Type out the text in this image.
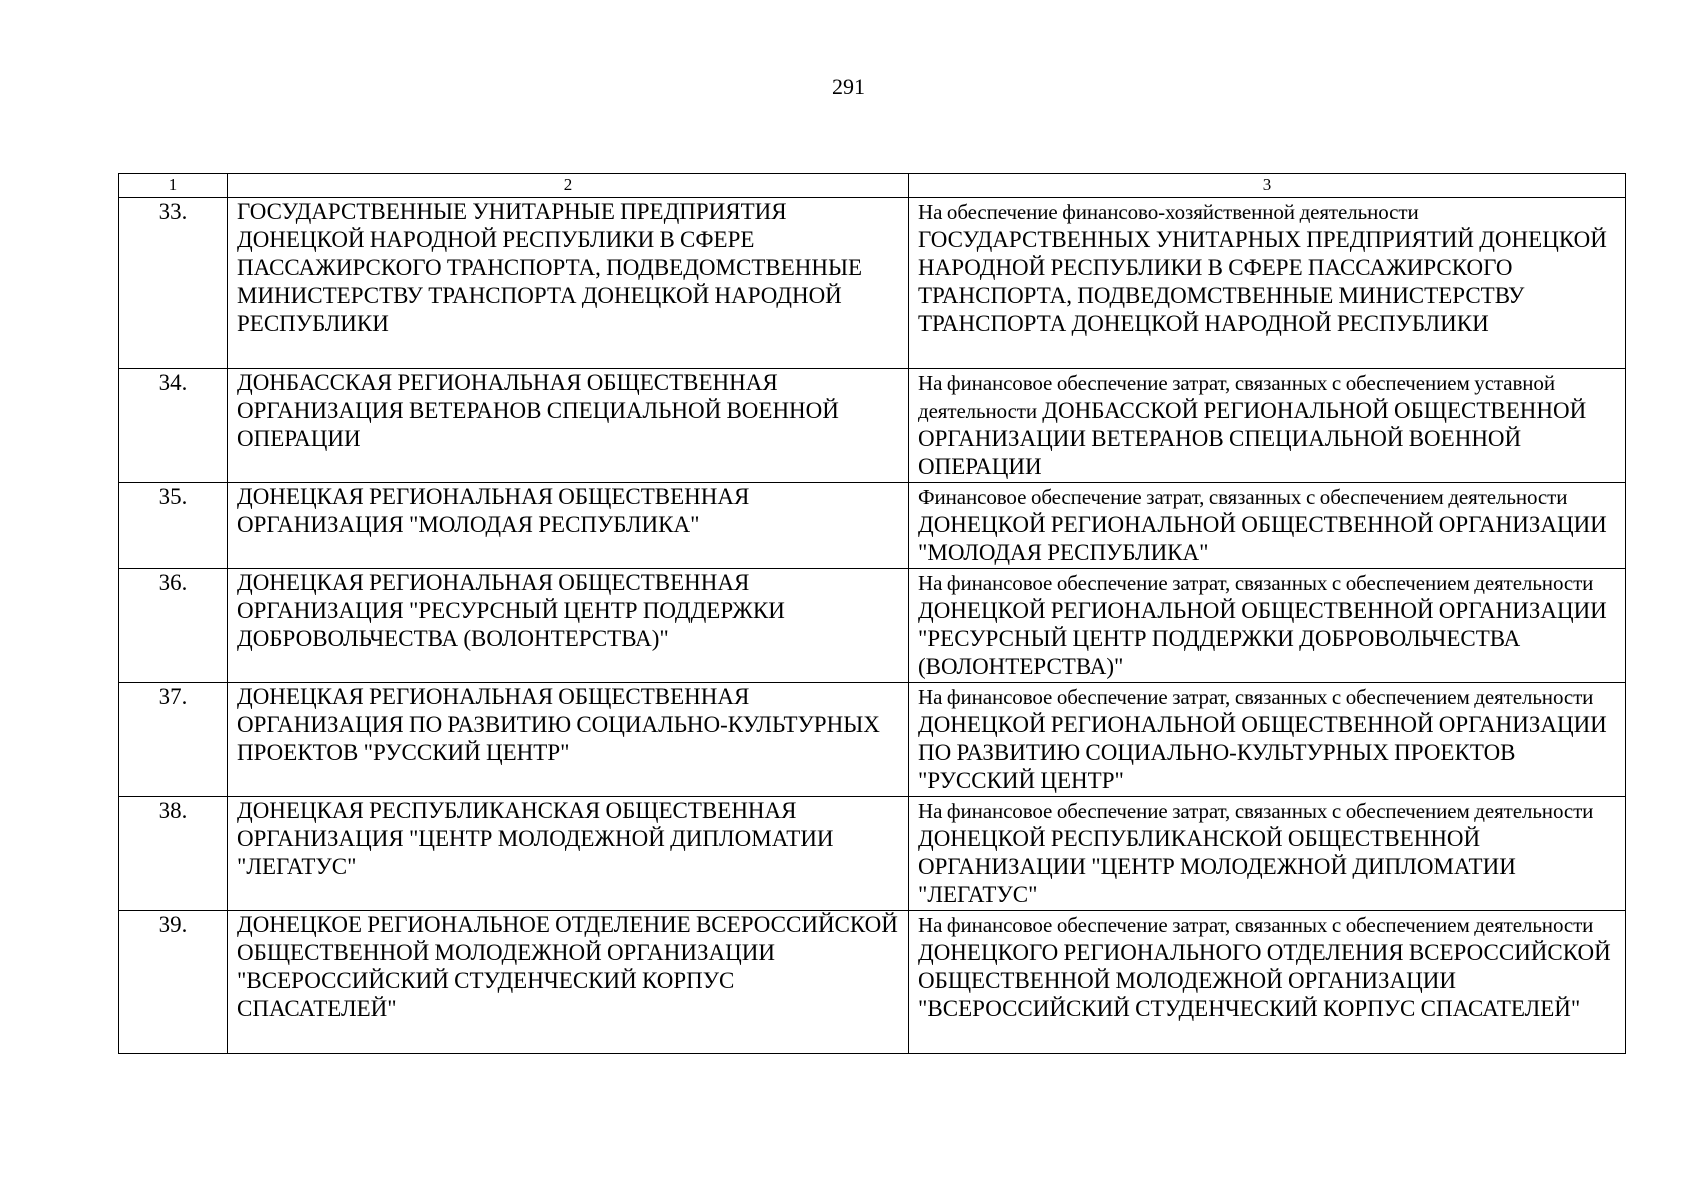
291
1	2	3
33.	ГОСУДАРСТВЕННЫЕ УНИТАРНЫЕ ПРЕДПРИЯТИЯ ДОНЕЦКОЙ НАРОДНОЙ РЕСПУБЛИКИ В СФЕРЕ ПАССАЖИРСКОГО ТРАНСПОРТА, ПОДВЕДОМСТВЕННЫЕ МИНИСТЕРСТВУ ТРАНСПОРТА ДОНЕЦКОЙ НАРОДНОЙ РЕСПУБЛИКИ	На обеспечение финансово-хозяйственной деятельности ГОСУДАРСТВЕННЫХ УНИТАРНЫХ ПРЕДПРИЯТИЙ ДОНЕЦКОЙ НАРОДНОЙ РЕСПУБЛИКИ В СФЕРЕ ПАССАЖИРСКОГО ТРАНСПОРТА, ПОДВЕДОМСТВЕННЫЕ МИНИСТЕРСТВУ ТРАНСПОРТА ДОНЕЦКОЙ НАРОДНОЙ РЕСПУБЛИКИ
34.	ДОНБАССКАЯ РЕГИОНАЛЬНАЯ ОБЩЕСТВЕННАЯ ОРГАНИЗАЦИЯ ВЕТЕРАНОВ СПЕЦИАЛЬНОЙ ВОЕННОЙ ОПЕРАЦИИ	На финансовое обеспечение затрат, связанных с обеспечением уставной деятельности ДОНБАССКОЙ РЕГИОНАЛЬНОЙ ОБЩЕСТВЕННОЙ ОРГАНИЗАЦИИ ВЕТЕРАНОВ СПЕЦИАЛЬНОЙ ВОЕННОЙ ОПЕРАЦИИ
35.	ДОНЕЦКАЯ РЕГИОНАЛЬНАЯ ОБЩЕСТВЕННАЯ ОРГАНИЗАЦИЯ "МОЛОДАЯ РЕСПУБЛИКА"	Финансовое обеспечение затрат, связанных с обеспечением деятельности ДОНЕЦКОЙ РЕГИОНАЛЬНОЙ ОБЩЕСТВЕННОЙ ОРГАНИЗАЦИИ "МОЛОДАЯ РЕСПУБЛИКА"
36.	ДОНЕЦКАЯ РЕГИОНАЛЬНАЯ ОБЩЕСТВЕННАЯ ОРГАНИЗАЦИЯ "РЕСУРСНЫЙ ЦЕНТР ПОДДЕРЖКИ ДОБРОВОЛЬЧЕСТВА (ВОЛОНТЕРСТВА)"	На финансовое обеспечение затрат, связанных с обеспечением деятельности ДОНЕЦКОЙ РЕГИОНАЛЬНОЙ ОБЩЕСТВЕННОЙ ОРГАНИЗАЦИИ "РЕСУРСНЫЙ ЦЕНТР ПОДДЕРЖКИ ДОБРОВОЛЬЧЕСТВА (ВОЛОНТЕРСТВА)"
37.	ДОНЕЦКАЯ РЕГИОНАЛЬНАЯ ОБЩЕСТВЕННАЯ ОРГАНИЗАЦИЯ ПО РАЗВИТИЮ СОЦИАЛЬНО-КУЛЬТУРНЫХ ПРОЕКТОВ "РУССКИЙ ЦЕНТР"	На финансовое обеспечение затрат, связанных с обеспечением деятельности ДОНЕЦКОЙ РЕГИОНАЛЬНОЙ ОБЩЕСТВЕННОЙ ОРГАНИЗАЦИИ ПО РАЗВИТИЮ СОЦИАЛЬНО-КУЛЬТУРНЫХ ПРОЕКТОВ "РУССКИЙ ЦЕНТР"
38.	ДОНЕЦКАЯ РЕСПУБЛИКАНСКАЯ ОБЩЕСТВЕННАЯ ОРГАНИЗАЦИЯ "ЦЕНТР МОЛОДЕЖНОЙ ДИПЛОМАТИИ "ЛЕГАТУС"	На финансовое обеспечение затрат, связанных с обеспечением деятельности ДОНЕЦКОЙ РЕСПУБЛИКАНСКОЙ ОБЩЕСТВЕННОЙ ОРГАНИЗАЦИИ "ЦЕНТР МОЛОДЕЖНОЙ ДИПЛОМАТИИ "ЛЕГАТУС"
39.	ДОНЕЦКОЕ РЕГИОНАЛЬНОЕ ОТДЕЛЕНИЕ ВСЕРОССИЙСКОЙ ОБЩЕСТВЕННОЙ МОЛОДЕЖНОЙ ОРГАНИЗАЦИИ "ВСЕРОССИЙСКИЙ СТУДЕНЧЕСКИЙ КОРПУС СПАСАТЕЛЕЙ"	На финансовое обеспечение затрат, связанных с обеспечением деятельности ДОНЕЦКОГО РЕГИОНАЛЬНОГО ОТДЕЛЕНИЯ ВСЕРОССИЙСКОЙ ОБЩЕСТВЕННОЙ МОЛОДЕЖНОЙ ОРГАНИЗАЦИИ "ВСЕРОССИЙСКИЙ СТУДЕНЧЕСКИЙ КОРПУС СПАСАТЕЛЕЙ"
